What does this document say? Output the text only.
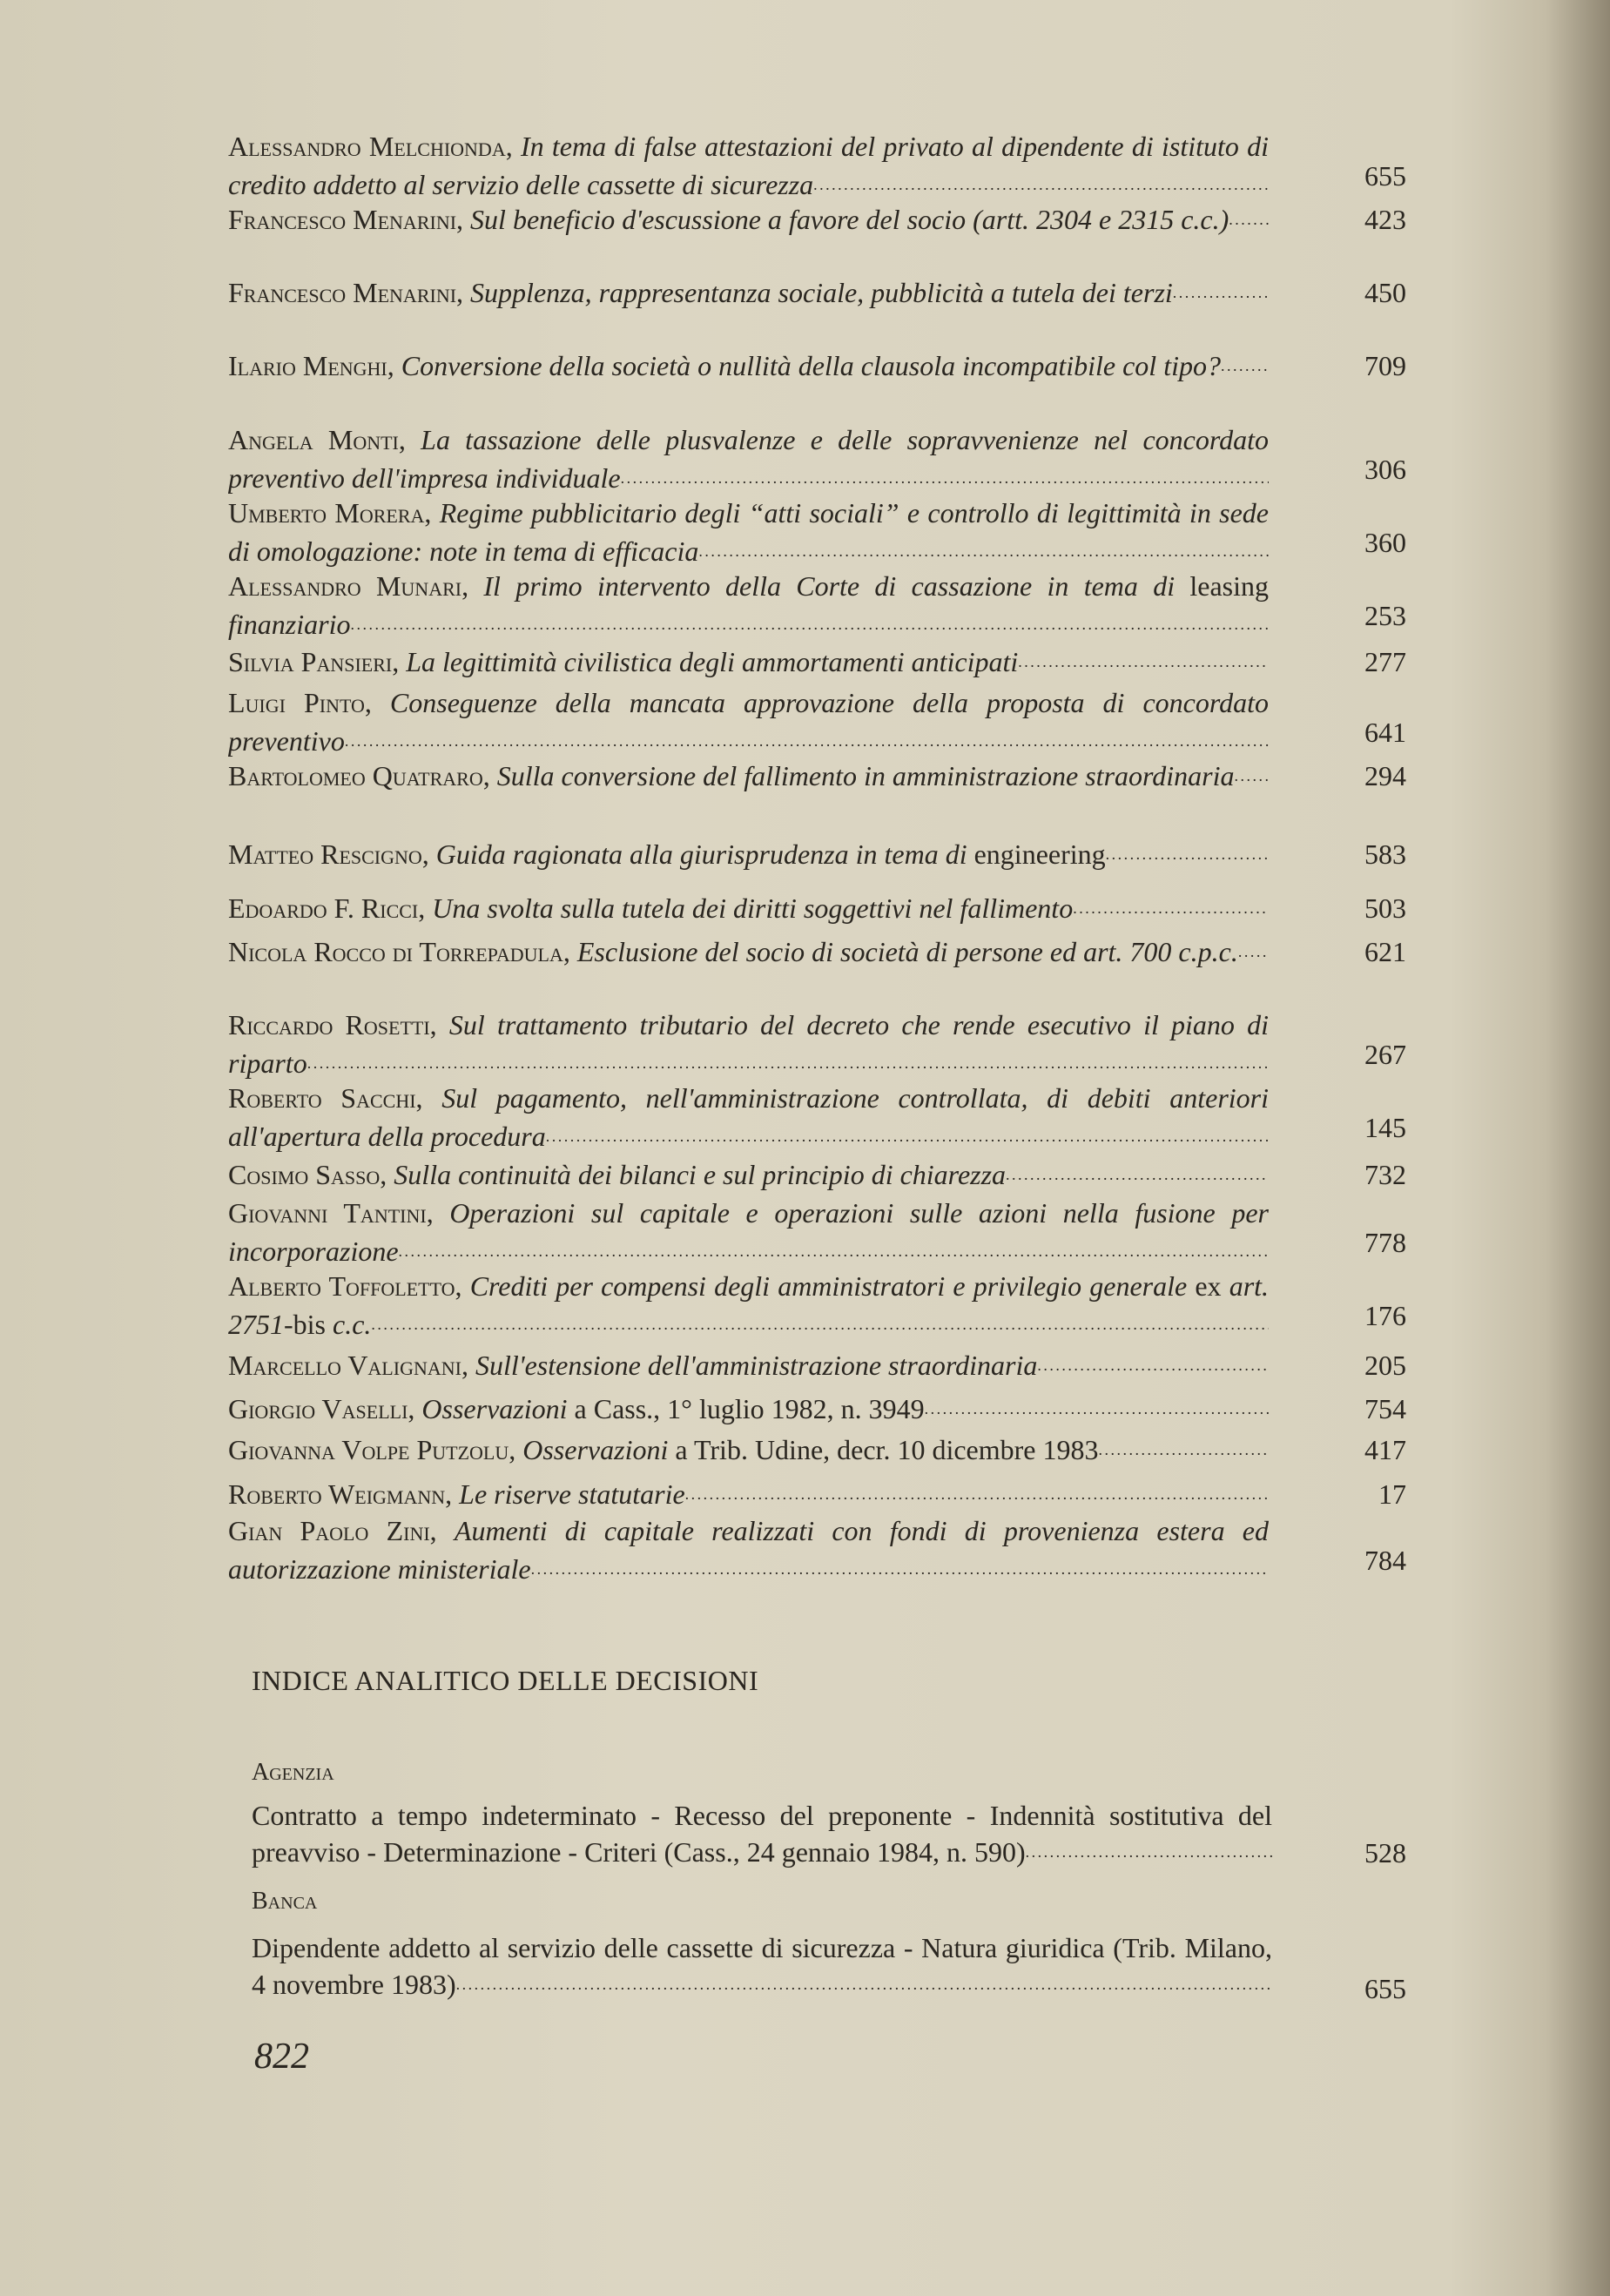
Alessandro Melchionda, In tema di false attestazioni del privato al dipendente di istituto di credito addetto al servizio delle cassette di sicurezza . . .	655
Francesco Menarini, Sul beneficio d'escussione a favore del socio (artt. 2304 e 2315 c.c.) . . .	423
Francesco Menarini, Supplenza, rappresentanza sociale, pubblicità a tutela dei terzi . . .	450
Ilario Menghi, Conversione della società o nullità della clausola incompatibile col tipo? . . .	709
Angela Monti, La tassazione delle plusvalenze e delle sopravvenienze nel concordato preventivo dell'impresa individuale . . .	306
Umberto Morera, Regime pubblicitario degli “atti sociali” e controllo di legittimità in sede di omologazione: note in tema di efficacia . . .	360
Alessandro Munari, Il primo intervento della Corte di cassazione in tema di leasing finanziario . . .	253
Silvia Pansieri, La legittimità civilistica degli ammortamenti anticipati . . .	277
Luigi Pinto, Conseguenze della mancata approvazione della proposta di concordato preventivo . . .	641
Bartolomeo Quatraro, Sulla conversione del fallimento in amministrazione straordinaria . . .	294
Matteo Rescigno, Guida ragionata alla giurisprudenza in tema di engineering . . .	583
Edoardo F. Ricci, Una svolta sulla tutela dei diritti soggettivi nel fallimento . . .	503
Nicola Rocco di Torrepadula, Esclusione del socio di società di persone ed art. 700 c.p.c. . . .	621
Riccardo Rosetti, Sul trattamento tributario del decreto che rende esecutivo il piano di riparto . . .	267
Roberto Sacchi, Sul pagamento, nell'amministrazione controllata, di debiti anteriori all'apertura della procedura . . .	145
Cosimo Sasso, Sulla continuità dei bilanci e sul principio di chiarezza . . .	732
Giovanni Tantini, Operazioni sul capitale e operazioni sulle azioni nella fusione per incorporazione . . .	778
Alberto Toffoletto, Crediti per compensi degli amministratori e privilegio generale ex art. 2751-bis c.c. . . .	176
Marcello Valignani, Sull'estensione dell'amministrazione straordinaria . . .	205
Giorgio Vaselli, Osservazioni a Cass., 1° luglio 1982, n. 3949 . . .	754
Giovanna Volpe Putzolu, Osservazioni a Trib. Udine, decr. 10 dicembre 1983 . . .	417
Roberto Weigmann, Le riserve statutarie . . .	17
Gian Paolo Zini, Aumenti di capitale realizzati con fondi di provenienza estera ed autorizzazione ministeriale . . .	784
INDICE ANALITICO DELLE DECISIONI
Agenzia
Contratto a tempo indeterminato - Recesso del preponente - Indennità sostitutiva del preavviso - Determinazione - Criteri (Cass., 24 gennaio 1984, n. 590) . . .	528
Banca
Dipendente addetto al servizio delle cassette di sicurezza - Natura giuridica (Trib. Milano, 4 novembre 1983) . . .	655
822
